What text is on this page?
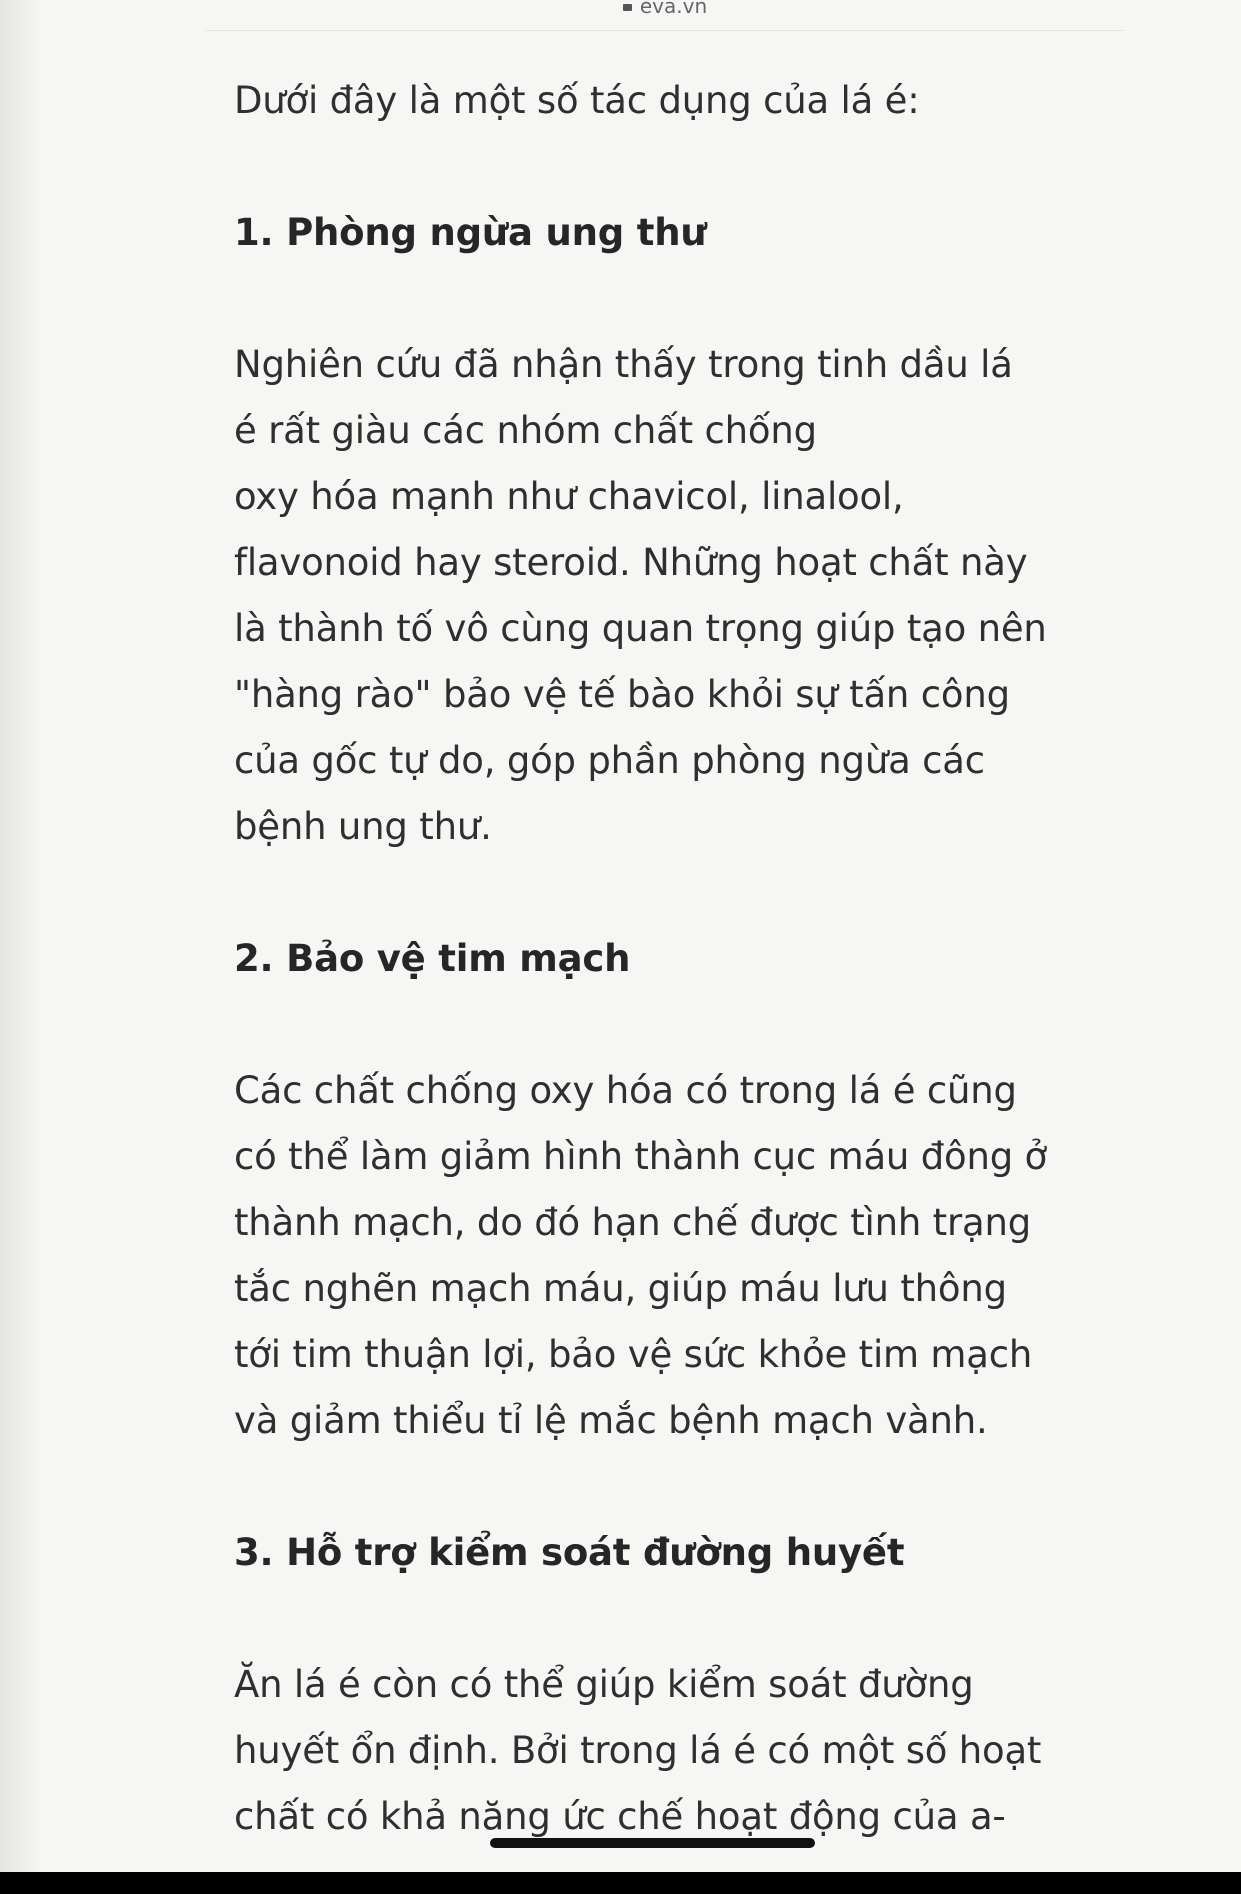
eva.vn

Dưới đây là một số tác dụng của lá é:

1. Phòng ngừa ung thư

Nghiên cứu đã nhận thấy trong tinh dầu lá
é rất giàu các nhóm chất chống
oxy hóa mạnh như chavicol, linalool,
flavonoid hay steroid. Những hoạt chất này
là thành tố vô cùng quan trọng giúp tạo nên
"hàng rào" bảo vệ tế bào khỏi sự tấn công
của gốc tự do, góp phần phòng ngừa các
bệnh ung thư.

2. Bảo vệ tim mạch

Các chất chống oxy hóa có trong lá é cũng
có thể làm giảm hình thành cục máu đông ở
thành mạch, do đó hạn chế được tình trạng
tắc nghẽn mạch máu, giúp máu lưu thông
tới tim thuận lợi, bảo vệ sức khỏe tim mạch
và giảm thiểu tỉ lệ mắc bệnh mạch vành.

3. Hỗ trợ kiểm soát đường huyết

Ăn lá é còn có thể giúp kiểm soát đường
huyết ổn định. Bởi trong lá é có một số hoạt
chất có khả năng ức chế hoạt động của a-
